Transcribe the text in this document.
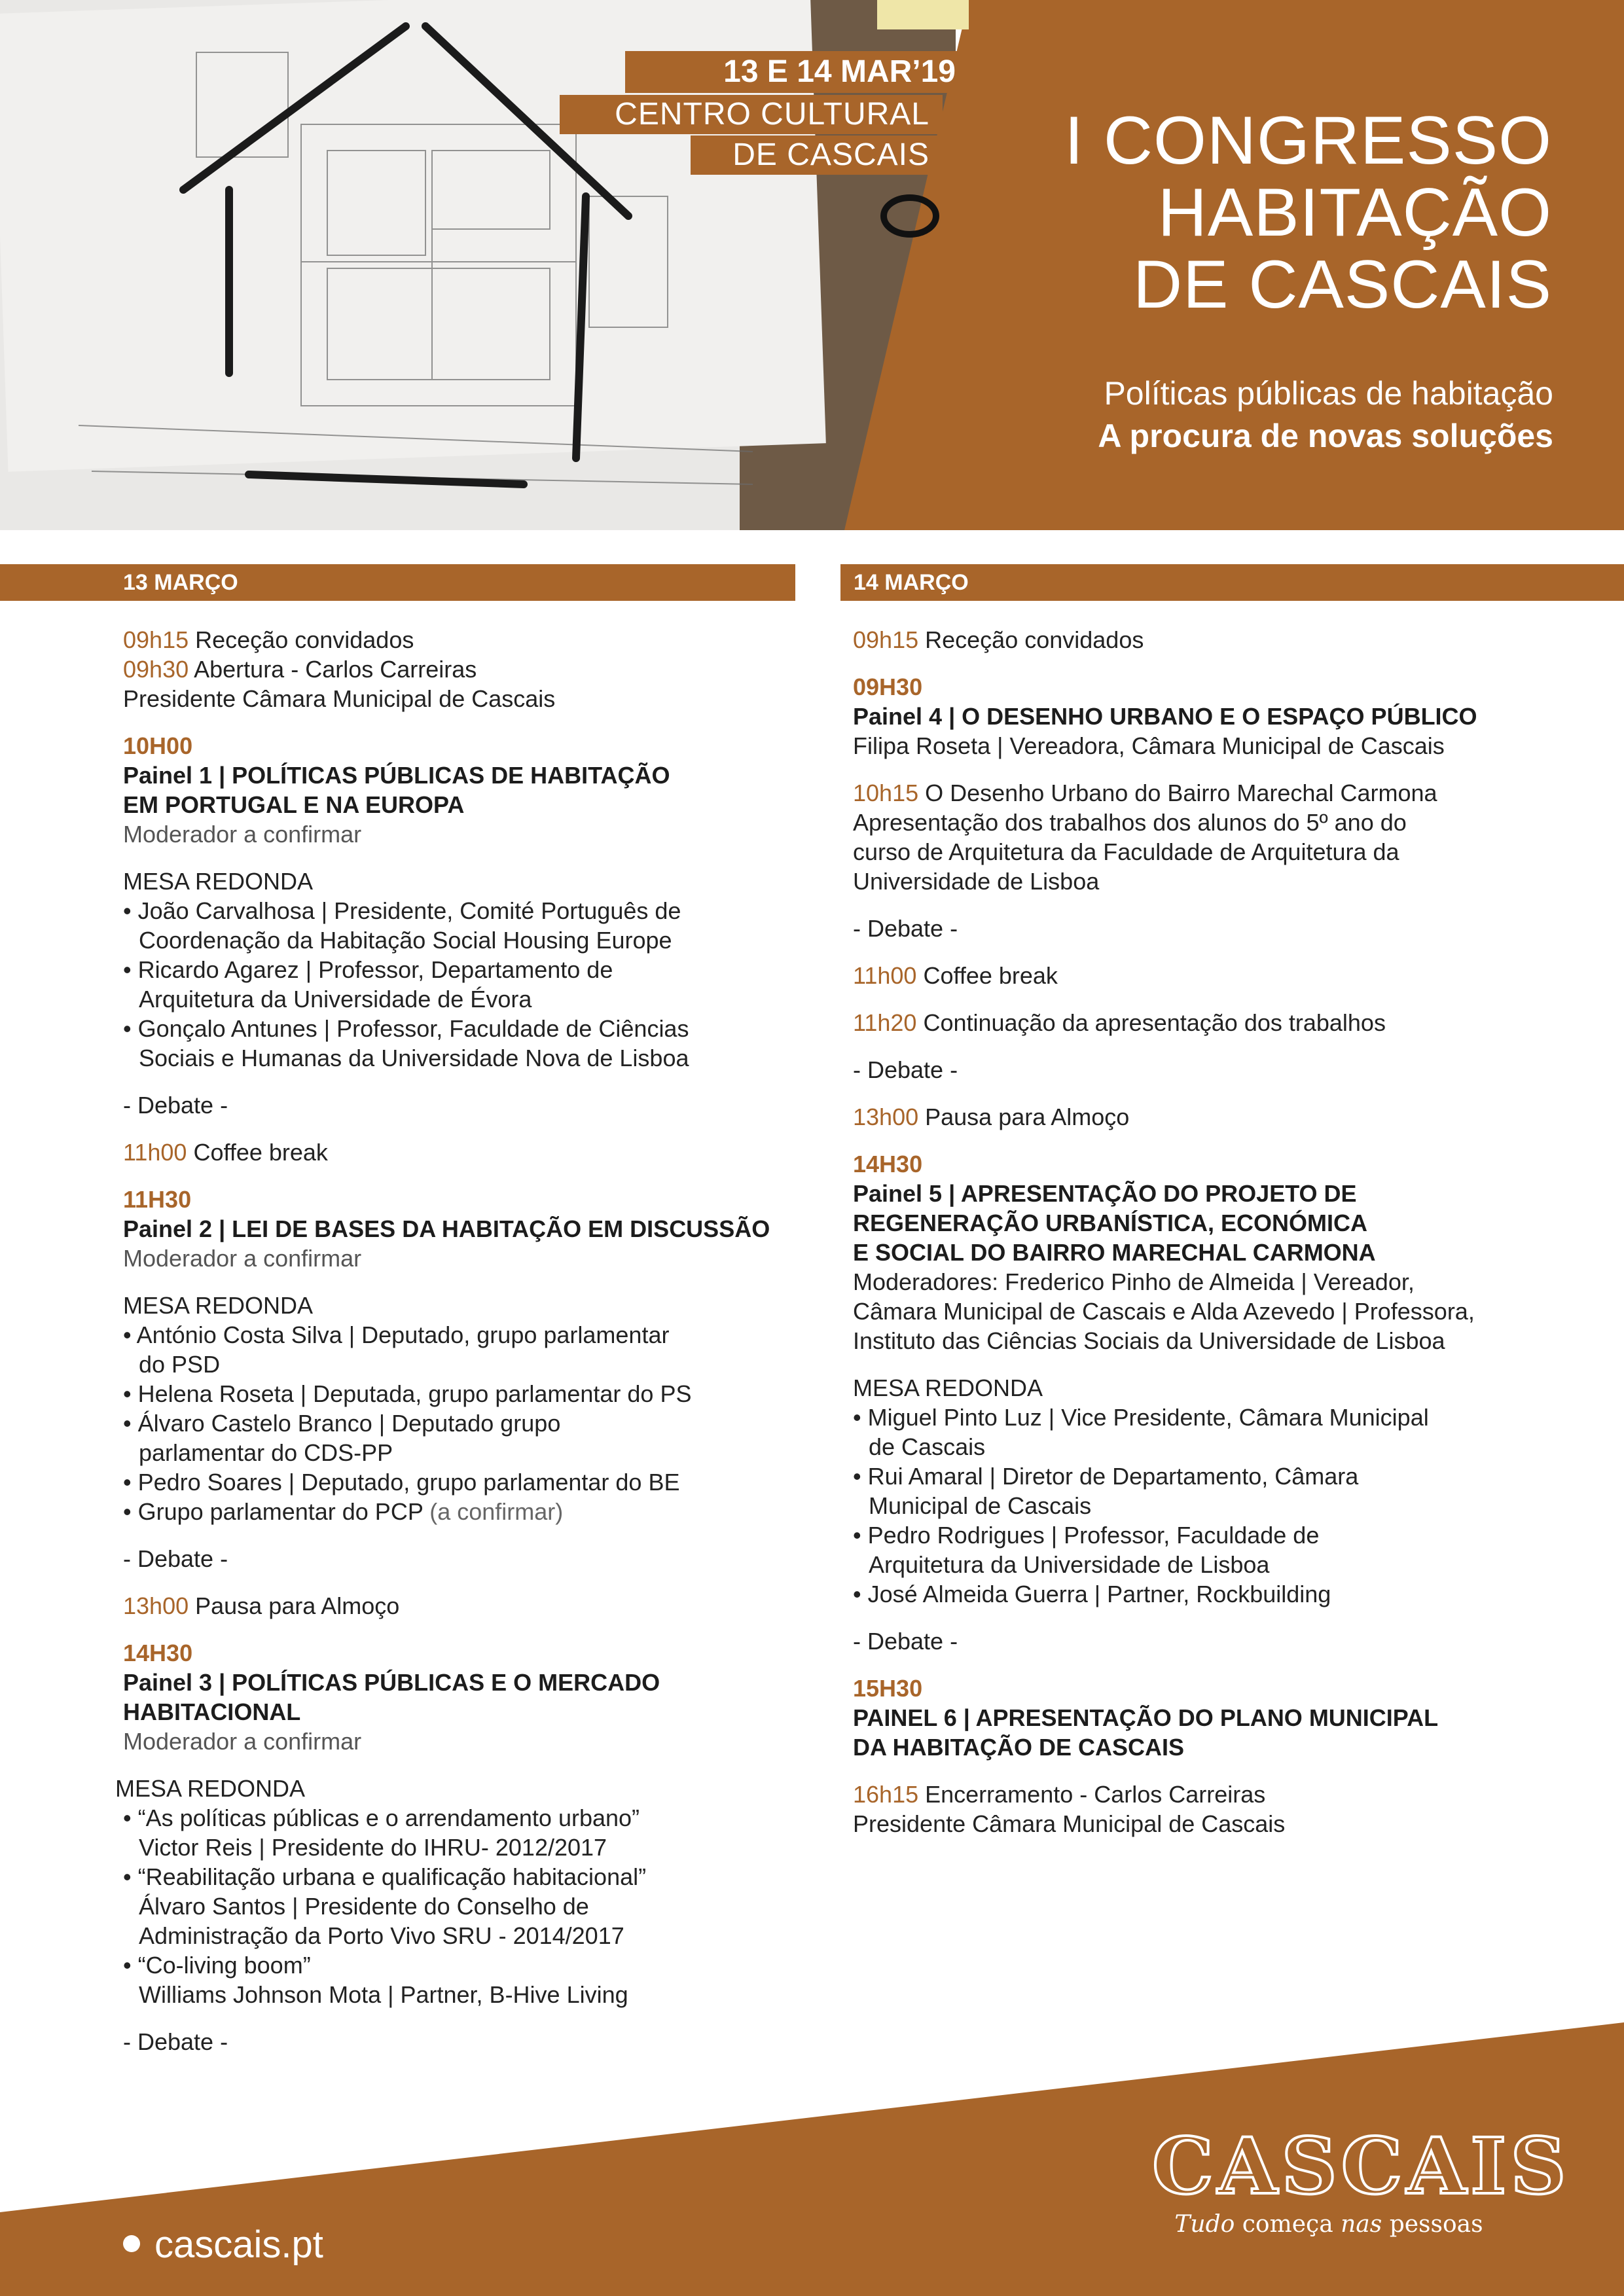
13 E 14 MAR’19
CENTRO CULTURAL
DE CASCAIS	I CONGRESSO
HABITAÇÃO
DE CASCAIS
Políticas públicas de habitação
A procura de novas soluções
13 MARÇO	14 MARÇO
09h15 Receção convidados
09h30 Abertura - Carlos Carreiras
Presidente Câmara Municipal de Cascais
10H00
Painel 1 | POLÍTICAS PÚBLICAS DE HABITAÇÃO
EM PORTUGAL E NA EUROPA
Moderador a confirmar
MESA REDONDA
• João Carvalhosa | Presidente, Comité Português de
Coordenação da Habitação Social Housing Europe
• Ricardo Agarez | Professor, Departamento de
Arquitetura da Universidade de Évora
• Gonçalo Antunes | Professor, Faculdade de Ciências
Sociais e Humanas da Universidade Nova de Lisboa
- Debate -
11h00 Coffee break
11H30
Painel 2 | LEI DE BASES DA HABITAÇÃO EM DISCUSSÃO
Moderador a confirmar
MESA REDONDA
• António Costa Silva | Deputado, grupo parlamentar
do PSD
• Helena Roseta | Deputada, grupo parlamentar do PS
• Álvaro Castelo Branco | Deputado grupo
parlamentar do CDS-PP
• Pedro Soares | Deputado, grupo parlamentar do BE
• Grupo parlamentar do PCP (a confirmar)
- Debate -
13h00 Pausa para Almoço
14H30
Painel 3 | POLÍTICAS PÚBLICAS E O MERCADO
HABITACIONAL
Moderador a confirmar
MESA REDONDA
• “As políticas públicas e o arrendamento urbano”
Victor Reis | Presidente do IHRU- 2012/2017
• “Reabilitação urbana e qualificação habitacional”
Álvaro Santos | Presidente do Conselho de
Administração da Porto Vivo SRU - 2014/2017
• “Co-living boom”
Williams Johnson Mota | Partner, B-Hive Living
- Debate -
09h15 Receção convidados
09H30
Painel 4 | O DESENHO URBANO E O ESPAÇO PÚBLICO
Filipa Roseta | Vereadora, Câmara Municipal de Cascais
10h15 O Desenho Urbano do Bairro Marechal Carmona
Apresentação dos trabalhos dos alunos do 5º ano do
curso de Arquitetura da Faculdade de Arquitetura da
Universidade de Lisboa
- Debate -
11h00 Coffee break
11h20 Continuação da apresentação dos trabalhos
- Debate -
13h00 Pausa para Almoço
14H30
Painel 5 | APRESENTAÇÃO DO PROJETO DE
REGENERAÇÃO URBANÍSTICA, ECONÓMICA
E SOCIAL DO BAIRRO MARECHAL CARMONA
Moderadores: Frederico Pinho de Almeida | Vereador,
Câmara Municipal de Cascais e Alda Azevedo | Professora,
Instituto das Ciências Sociais da Universidade de Lisboa
MESA REDONDA
• Miguel Pinto Luz | Vice Presidente, Câmara Municipal
de Cascais
• Rui Amaral | Diretor de Departamento, Câmara
Municipal de Cascais
• Pedro Rodrigues | Professor, Faculdade de
Arquitetura da Universidade de Lisboa
• José Almeida Guerra | Partner, Rockbuilding
- Debate -
15H30
PAINEL 6 | APRESENTAÇÃO DO PLANO MUNICIPAL
DA HABITAÇÃO DE CASCAIS
16h15 Encerramento - Carlos Carreiras
Presidente Câmara Municipal de Cascais
cascais.pt
CASCAIS
Tudo começa nas pessoas
